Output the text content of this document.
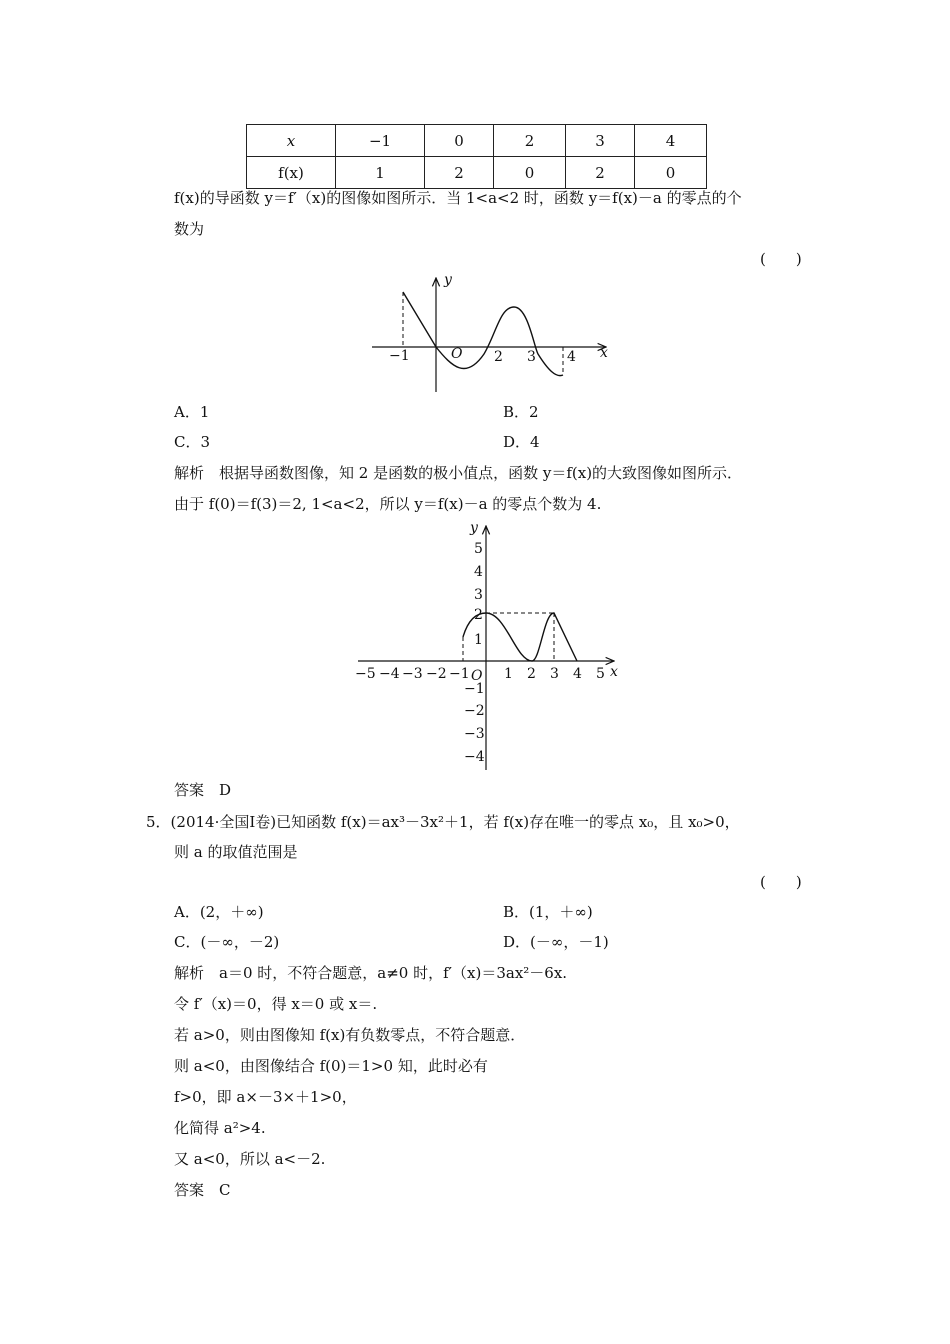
x	−1	0	2	3	4
f(x)	1	2	0	2	0
f(x)的导函数 y＝f′（x)的图像如图所示．当 1<a<2 时，函数 y＝f(x)－a 的零点的个
数为
(　　)
y
x
O
−1	2 3 4
A．1	B．2
C．3	D．4
解析　根据导函数图像，知 2 是函数的极小值点，函数 y＝f(x)的大致图像如图所示．
由于 f(0)＝f(3)＝2, 1<a<2，所以 y＝f(x)－a 的零点个数为 4.
y
x
O
−5 −4 −3 −2 −1 1 2 3 4 5
5
4
3
2
1
−1
−2
−3
−4
答案　D
5．(2014·全国Ⅰ卷)已知函数 f(x)＝ax³－3x²＋1，若 f(x)存在唯一的零点 x₀，且 x₀>0，
则 a 的取值范围是
(　　)
A．(2，＋∞)	B．(1，＋∞)
C．(－∞，－2)	D．(－∞，－1)
解析　a＝0 时，不符合题意，a≠0 时，f′（x)＝3ax²－6x.
令 f′（x)＝0，得 x＝0 或 x＝.
若 a>0，则由图像知 f(x)有负数零点，不符合题意．
则 a<0，由图像结合 f(0)＝1>0 知，此时必有
f>0，即 a×－3×＋1>0，
化简得 a²>4.
又 a<0，所以 a<－2.
答案　C
